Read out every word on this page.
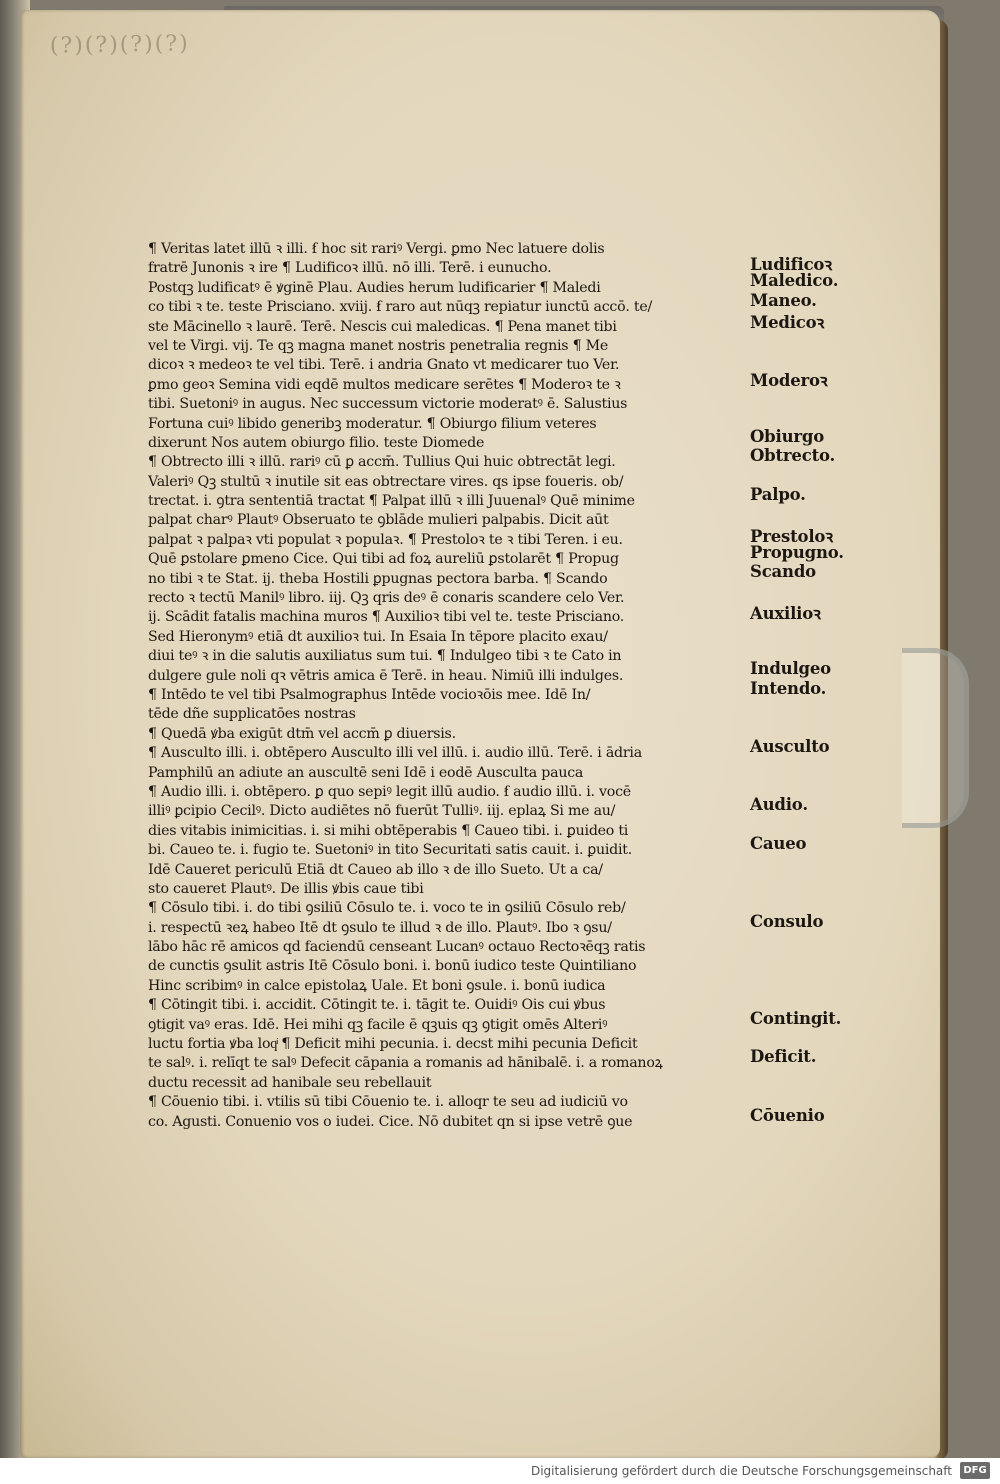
(?)(?)(?)(?)
¶ Veritas latet illū ꝛ illi. ẜ hoc sit rariꝰ Vergi. ꝑmo Nec latuere dolis
fratrē Junonis ꝛ ire ¶ Ludificoꝛ illū. nō illi. Terē. i eunucho.
Postqꝫ ludificatꝰ ē ꝟginē Plau. Audies herum ludificarier ¶ Maledi
co tibi ꝛ te. teste Prisciano. xviij. ẜ raro aut nūqꝫ repiatur iunctū accō. te/
ste Mācinello ꝛ laurē. Terē. Nescis cui maledicas. ¶ Pena manet tibi
vel te Virgi. vij. Te qꝫ magna manet nostris penetralia regnis ¶ Me
dicoꝛ ꝛ medeoꝛ te vel tibi. Terē. i andria Gnato vt medicarer tuo Ver.
ꝑmo geoꝛ Semina vidi eqdē multos medicare serētes ¶ Moderoꝛ te ꝛ
tibi. Suetoniꝰ in augus. Nec successum victorie moderatꝰ ē. Salustius
Fortuna cuiꝰ libido generibꝫ moderatur. ¶ Obiurgo filium veteres
dixerunt Nos autem obiurgo filio. teste Diomede
¶ Obtrecto illi ꝛ illū. rariꝰ cū ꝑ accm̄. Tullius Qui huic obtrectāt legi.
Valeriꝰ Qꝫ stultū ꝛ inutile sit eas obtrectare vires. qs ipse foueris. ob/
trectat. i. ꝯtra sententiā tractat ¶ Palpat illū ꝛ illi Juuenalꝰ Quē minime
palpat charꝰ Plautꝰ Obseruato te ꝯblāde mulieri palpabis. Dicit aūt
palpat ꝛ palpaꝛ vti populat ꝛ populaꝛ. ¶ Prestoloꝛ te ꝛ tibi Teren. i eu.
Quē ꝑstolare ꝑmeno Cice. Qui tibi ad foꝝ aureliū ꝑstolarēt ¶ Propug
no tibi ꝛ te Stat. ij. theba Hostili ꝑpugnas pectora barba. ¶ Scando
recto ꝛ tectū Manilꝰ libro. iij. Qꝫ qris deꝰ ē conaris scandere celo Ver.
ij. Scādit fatalis machina muros ¶ Auxilioꝛ tibi vel te. teste Prisciano.
Sed Hieronymꝰ etiā dt auxilioꝛ tui. In Esaia In tēpore placito exau/
diui teꝰ ꝛ in die salutis auxiliatus sum tui. ¶ Indulgeo tibi ꝛ te Cato in
dulgere gule noli qꝛ vētris amica ē Terē. in heau. Nimiū illi indulges.
¶ Intēdo te vel tibi Psalmographus Intēde vocioꝛōis mee. Idē In/
tēde dñe supplicatōes nostras
¶ Quedā ꝟba exigūt dtm̄ vel accm̄ ꝑ diuersis.
¶ Ausculto illi. i. obtēpero Ausculto illi vel illū. i. audio illū. Terē. i ādria
Pamphilū an adiute an auscultē seni Idē i eodē Ausculta pauca
¶ Audio illi. i. obtēpero. ꝑ quo sepiꝰ legit illū audio. ẜ audio illū. i. vocē
illiꝰ ꝑcipio Cecilꝰ. Dicto audiētes nō fuerūt Tulliꝰ. iij. eplaꝝ Si me au/
dies vitabis inimicitias. i. si mihi obtēperabis ¶ Caueo tibi. i. ꝑuideo ti
bi. Caueo te. i. fugio te. Suetoniꝰ in tito Securitati satis cauit. i. ꝑuidit.
Idē Caueret periculū Etiā dt Caueo ab illo ꝛ de illo Sueto. Ut a ca/
sto caueret Plautꝰ. De illis ꝟbis caue tibi
¶ Cōsulo tibi. i. do tibi ꝯsiliū Cōsulo te. i. voco te in ꝯsiliū Cōsulo reb/
i. respectū ꝛeꝝ habeo Itē dt ꝯsulo te illud ꝛ de illo. Plautꝰ. Ibo ꝛ ꝯsu/
lābo hāc rē amicos qd faciendū censeant Lucanꝰ octauo Rectoꝛēqꝫ ratis
de cunctis ꝯsulit astris Itē Cōsulo boni. i. bonū iudico teste Quintiliano
Hinc scribimꝰ in calce epistolaꝝ Uale. Et boni ꝯsule. i. bonū iudica
¶ Cōtingit tibi. i. accidit. Cōtingit te. i. tāgit te. Ouidiꝰ Ois cui ꝟbus
ꝯtigit vaꝰ eras. Idē. Hei mihi qꝫ facile ē qꝫuis qꝫ ꝯtigit omēs Alteriꝰ
luctu fortia ꝟba loqͥ ¶ Deficit mihi pecunia. i. decst mihi pecunia Deficit
te salꝰ. i. relīqt te salꝰ Defecit cāpania a romanis ad hānibalē. i. a romanoꝝ
ductu recessit ad hanibale seu rebellauit
¶ Cōuenio tibi. i. vtilis sū tibi Cōuenio te. i. alloqr te seu ad iudiciū vo
co. Agusti. Conuenio vos o iudei. Cice. Nō dubitet qn si ipse vetrē ꝯue
Digitalisierung gefördert durch die Deutsche Forschungsgemeinschaft	DFG
Ludificoꝛ
Maledico.
Maneo.
Medicoꝛ
Moderoꝛ
Obiurgo
Obtrecto.
Palpo.
Prestoloꝛ
Propugno.
Scando
Auxilioꝛ
Indulgeo
Intendo.
Ausculto
Audio.
Caueo
Consulo
Contingit.
Deficit.
Cōuenio
